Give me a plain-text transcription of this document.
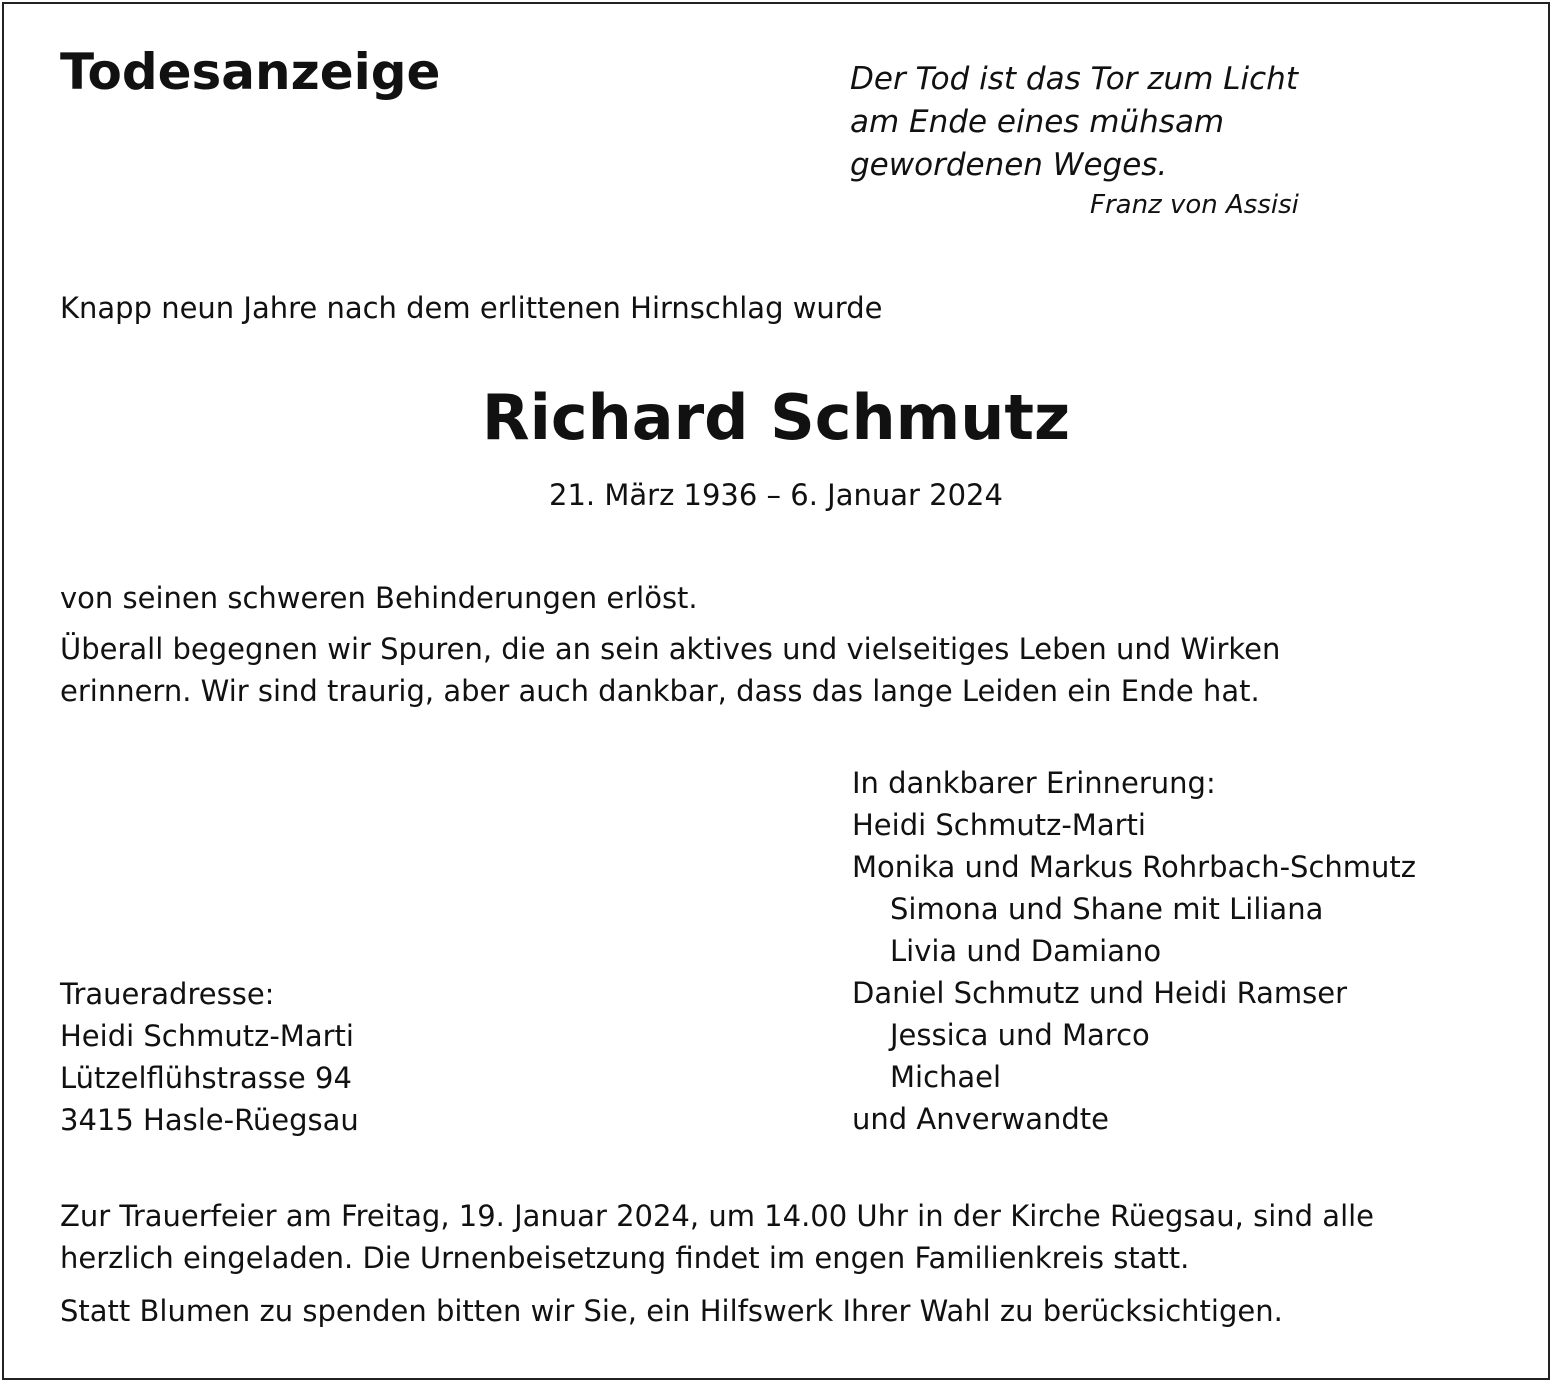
Todesanzeige	Der Tod ist das Tor zum Licht
am Ende eines mühsam
gewordenen Weges.
Franz von Assisi

Knapp neun Jahre nach dem erlittenen Hirnschlag wurde

Richard Schmutz
21. März 1936 – 6. Januar 2024

von seinen schweren Behinderungen erlöst.

Überall begegnen wir Spuren, die an sein aktives und vielseitiges Leben und Wirken
erinnern. Wir sind traurig, aber auch dankbar, dass das lange Leiden ein Ende hat.

In dankbarer Erinnerung:
Heidi Schmutz-Marti
Monika und Markus Rohrbach-Schmutz
Simona und Shane mit Liliana
Livia und Damiano
Daniel Schmutz und Heidi Ramser
Jessica und Marco
Michael
und Anverwandte
Traueradresse:
Heidi Schmutz-Marti
Lützelflühstrasse 94
3415 Hasle-Rüegsau

Zur Trauerfeier am Freitag, 19. Januar 2024, um 14.00 Uhr in der Kirche Rüegsau, sind alle
herzlich eingeladen. Die Urnenbeisetzung findet im engen Familienkreis statt.

Statt Blumen zu spenden bitten wir Sie, ein Hilfswerk Ihrer Wahl zu berücksichtigen.
